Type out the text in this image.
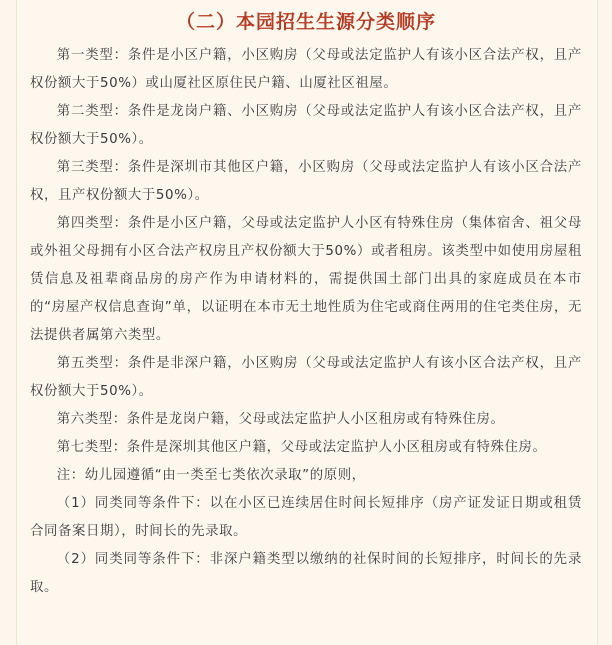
（二）本园招生生源分类顺序

第一类型：条件是小区户籍，小区购房（父母或法定监护人有该小区合法产权，且产权份额大于50%）或山厦社区原住民户籍、山厦社区祖屋。

第二类型：条件是龙岗户籍、小区购房（父母或法定监护人有该小区合法产权，且产权份额大于50%）。

第三类型：条件是深圳市其他区户籍，小区购房（父母或法定监护人有该小区合法产权，且产权份额大于50%）。

第四类型：条件是小区户籍，父母或法定监护人小区有特殊住房（集体宿舍、祖父母或外祖父母拥有小区合法产权房且产权份额大于50%）或者租房。该类型中如使用房屋租赁信息及祖辈商品房的房产作为申请材料的，需提供国土部门出具的家庭成员在本市的“房屋产权信息查询”单，以证明在本市无土地性质为住宅或商住两用的住宅类住房，无法提供者属第六类型。

第五类型：条件是非深户籍，小区购房（父母或法定监护人有该小区合法产权，且产权份额大于50%）。

第六类型：条件是龙岗户籍，父母或法定监护人小区租房或有特殊住房。

第七类型：条件是深圳其他区户籍，父母或法定监护人小区租房或有特殊住房。

注：幼儿园遵循“由一类至七类依次录取”的原则，

（1）同类同等条件下：以在小区已连续居住时间长短排序（房产证发证日期或租赁合同备案日期），时间长的先录取。

（2）同类同等条件下：非深户籍类型以缴纳的社保时间的长短排序，时间长的先录取。
